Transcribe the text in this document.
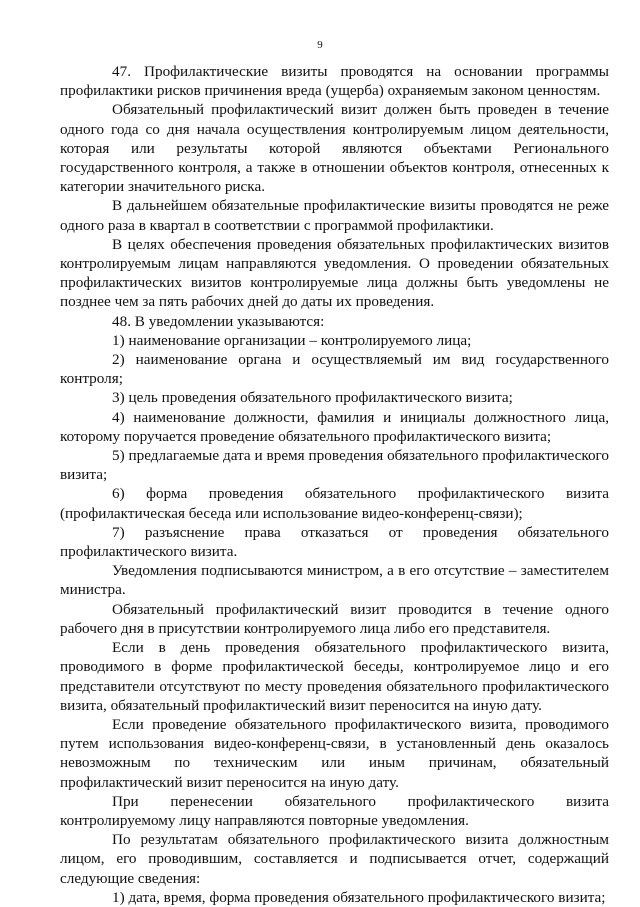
9

47. Профилактические визиты проводятся на основании программы профилактики рисков причинения вреда (ущерба) охраняемым законом ценностям.

Обязательный профилактический визит должен быть проведен в течение одного года со дня начала осуществления контролируемым лицом деятельности, которая или результаты которой являются объектами Регионального государственного контроля, а также в отношении объектов контроля, отнесенных к категории значительного риска.

В дальнейшем обязательные профилактические визиты проводятся не реже одного раза в квартал в соответствии с программой профилактики.

В целях обеспечения проведения обязательных профилактических визитов контролируемым лицам направляются уведомления. О проведении обязательных профилактических визитов контролируемые лица должны быть уведомлены не позднее чем за пять рабочих дней до даты их проведения.

48. В уведомлении указываются:

1) наименование организации – контролируемого лица;

2) наименование органа и осуществляемый им вид государственного контроля;

3) цель проведения обязательного профилактического визита;

4) наименование должности, фамилия и инициалы должностного лица, которому поручается проведение обязательного профилактического визита;

5) предлагаемые дата и время проведения обязательного профилактического визита;

6) форма проведения обязательного профилактического визита (профилактическая беседа или использование видео-конференц-связи);

7) разъяснение права отказаться от проведения обязательного профилактического визита.

Уведомления подписываются министром, а в его отсутствие – заместителем министра.

Обязательный профилактический визит проводится в течение одного рабочего дня в присутствии контролируемого лица либо его представителя.

Если в день проведения обязательного профилактического визита, проводимого в форме профилактической беседы, контролируемое лицо и его представители отсутствуют по месту проведения обязательного профилактического визита, обязательный профилактический визит переносится на иную дату.

Если проведение обязательного профилактического визита, проводимого путем использования видео-конференц-связи, в установленный день оказалось невозможным по техническим или иным причинам, обязательный профилактический визит переносится на иную дату.

При перенесении обязательного профилактического визита контролируемому лицу направляются повторные уведомления.

По результатам обязательного профилактического визита должностным лицом, его проводившим, составляется и подписывается отчет, содержащий следующие сведения:

1) дата, время, форма проведения обязательного профилактического визита;
